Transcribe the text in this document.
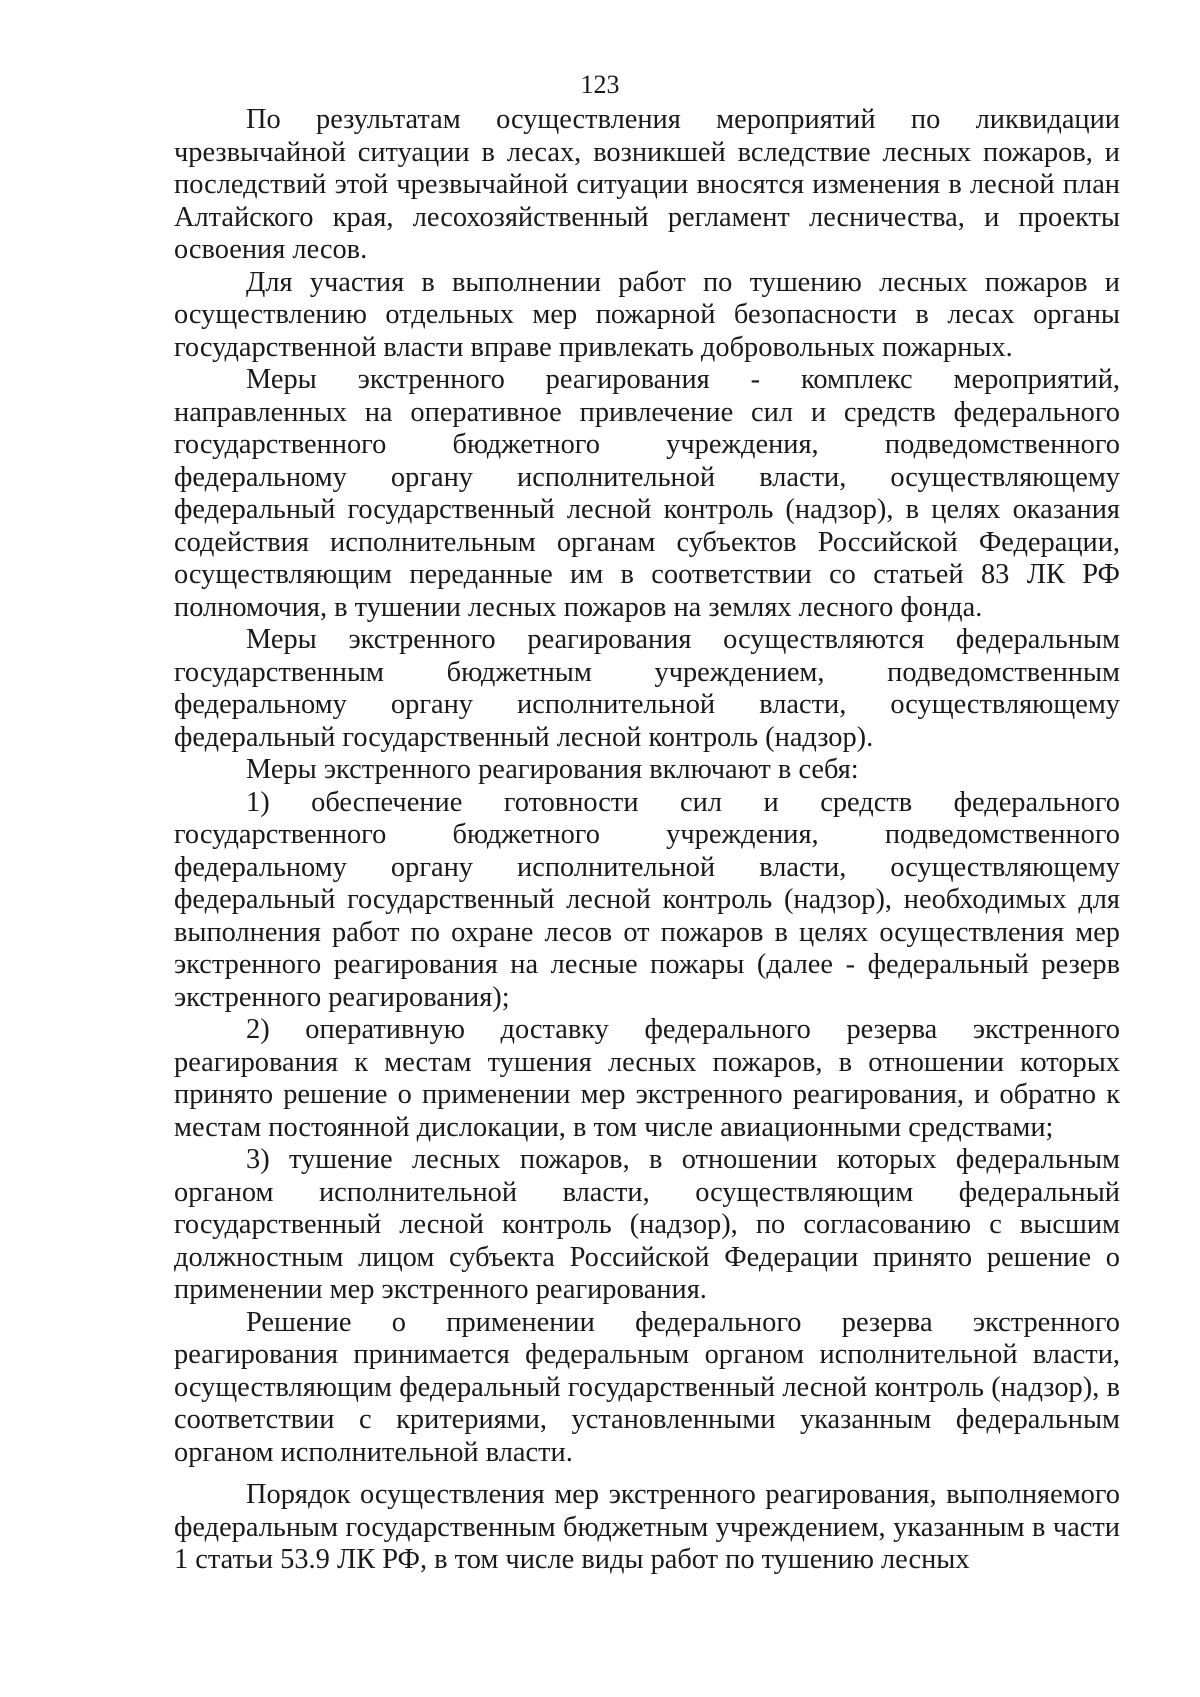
123

По результатам осуществления мероприятий по ликвидации чрезвычайной ситуации в лесах, возникшей вследствие лесных пожаров, и последствий этой чрезвычайной ситуации вносятся изменения в лесной план Алтайского края, лесохозяйственный регламент лесничества, и проекты освоения лесов.

Для участия в выполнении работ по тушению лесных пожаров и осуществлению отдельных мер пожарной безопасности в лесах органы государственной власти вправе привлекать добровольных пожарных.

Меры экстренного реагирования - комплекс мероприятий, направленных на оперативное привлечение сил и средств федерального государственного бюджетного учреждения, подведомственного федеральному органу исполнительной власти, осуществляющему федеральный государственный лесной контроль (надзор), в целях оказания содействия исполнительным органам субъектов Российской Федерации, осуществляющим переданные им в соответствии со статьей 83 ЛК РФ полномочия, в тушении лесных пожаров на землях лесного фонда.

Меры экстренного реагирования осуществляются федеральным государственным бюджетным учреждением, подведомственным федеральному органу исполнительной власти, осуществляющему федеральный государственный лесной контроль (надзор).

Меры экстренного реагирования включают в себя:

1) обеспечение готовности сил и средств федерального государственного бюджетного учреждения, подведомственного федеральному органу исполнительной власти, осуществляющему федеральный государственный лесной контроль (надзор), необходимых для выполнения работ по охране лесов от пожаров в целях осуществления мер экстренного реагирования на лесные пожары (далее - федеральный резерв экстренного реагирования);

2) оперативную доставку федерального резерва экстренного реагирования к местам тушения лесных пожаров, в отношении которых принято решение о применении мер экстренного реагирования, и обратно к местам постоянной дислокации, в том числе авиационными средствами;

3) тушение лесных пожаров, в отношении которых федеральным органом исполнительной власти, осуществляющим федеральный государственный лесной контроль (надзор), по согласованию с высшим должностным лицом субъекта Российской Федерации принято решение о применении мер экстренного реагирования.

Решение о применении федерального резерва экстренного реагирования принимается федеральным органом исполнительной власти, осуществляющим федеральный государственный лесной контроль (надзор), в соответствии с критериями, установленными указанным федеральным органом исполнительной власти.

Порядок осуществления мер экстренного реагирования, выполняемого федеральным государственным бюджетным учреждением, указанным в части 1 статьи 53.9 ЛК РФ, в том числе виды работ по тушению лесных
